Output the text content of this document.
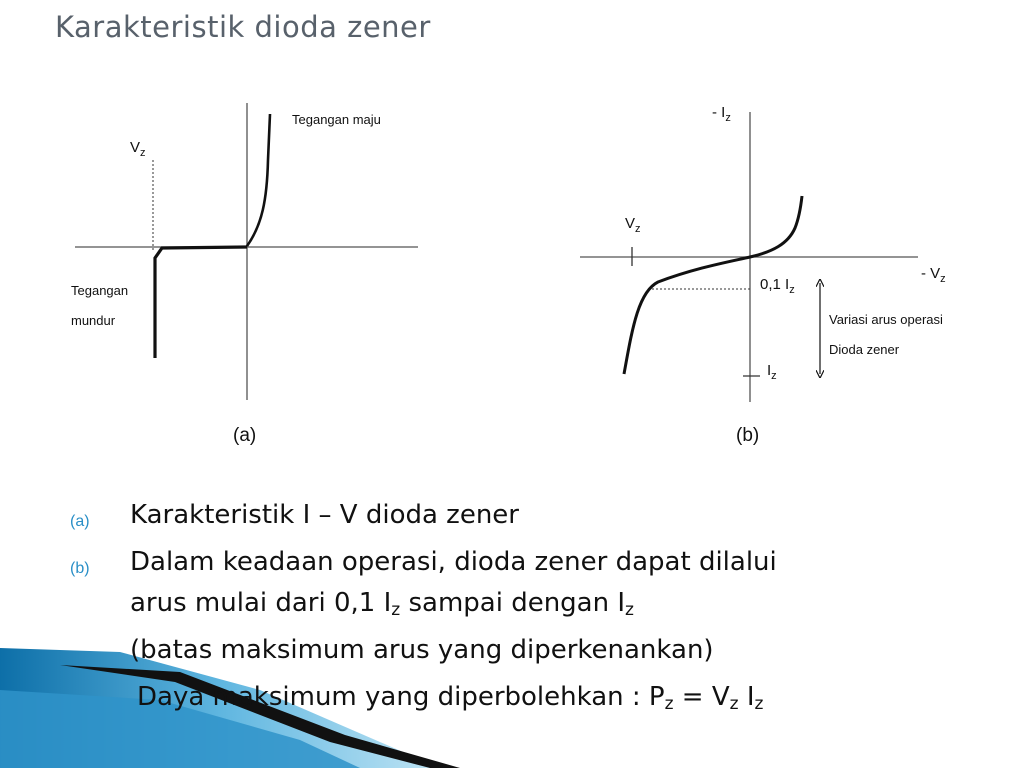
Karakteristik dioda zener
$V_z$
Tegangan maju
Tegangan
mundur
(a)
- $I_z$
$V_z$
- $V_z$
0,1 $I_z$
$I_z$
Variasi arus operasi
Dioda zener
(b)
(a) Karakteristik I – V dioda zener
(b) Dalam keadaan operasi, dioda zener dapat dilalui
arus mulai dari 0,1 $I_z$ sampai dengan $I_z$
(batas maksimum arus yang diperkenankan)
Daya maksimum yang diperbolehkan : $P_z = V_z$ $I_z$
